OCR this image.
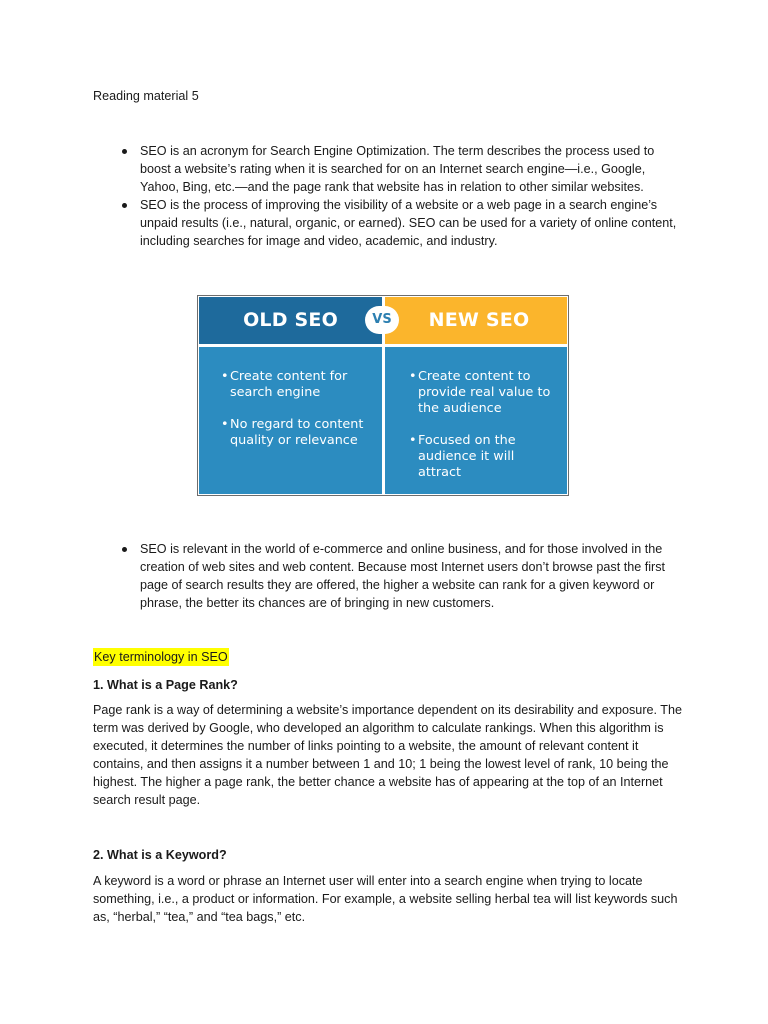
Reading material 5
SEO is an acronym for Search Engine Optimization. The term describes the process used to boost a website’s rating when it is searched for on an Internet search engine—i.e., Google, Yahoo, Bing, etc.—and the page rank that website has in relation to other similar websites.
SEO is the process of improving the visibility of a website or a web page in a search engine’s unpaid results (i.e., natural, organic, or earned). SEO can be used for a variety of online content, including searches for image and video, academic, and industry.
OLD SEO	NEW SEO
VS
• Create content for search engine
• No regard to content quality or relevance
• Create content to provide real value to the audience
• Focused on the audience it will attract
SEO is relevant in the world of e-commerce and online business, and for those involved in the creation of web sites and web content. Because most Internet users don’t browse past the first page of search results they are offered, the higher a website can rank for a given keyword or phrase, the better its chances are of bringing in new customers.
Key terminology in SEO
1. What is a Page Rank?

Page rank is a way of determining a website’s importance dependent on its desirability and exposure. The term was derived by Google, who developed an algorithm to calculate rankings. When this algorithm is executed, it determines the number of links pointing to a website, the amount of relevant content it contains, and then assigns it a number between 1 and 10; 1 being the lowest level of rank, 10 being the highest. The higher a page rank, the better chance a website has of appearing at the top of an Internet search result page.

2. What is a Keyword?

A keyword is a word or phrase an Internet user will enter into a search engine when trying to locate something, i.e., a product or information. For example, a website selling herbal tea will list keywords such as, “herbal,” “tea,” and “tea bags,” etc.
